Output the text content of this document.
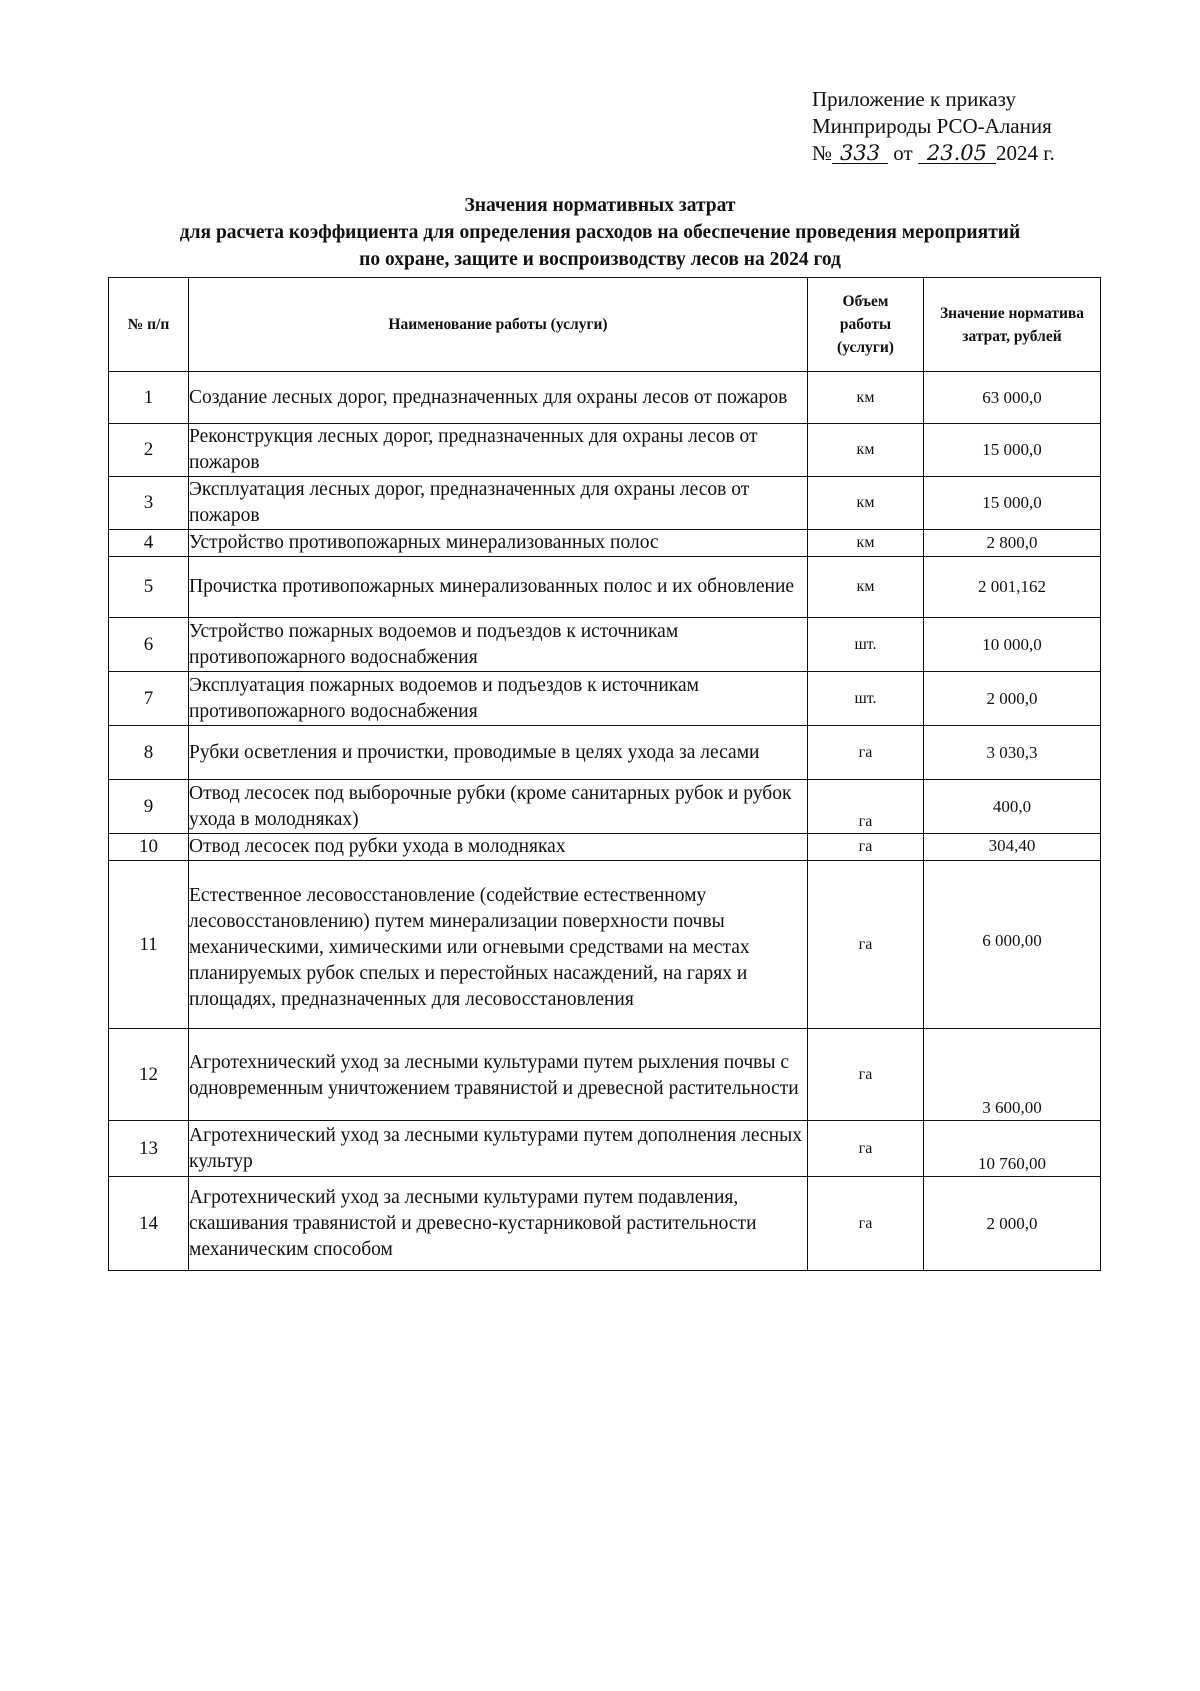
Приложение к приказу
Минприроды РСО-Алания
№ 333 от 23.05 2024 г.
Значения нормативных затрат
для расчета коэффициента для определения расходов на обеспечение проведения мероприятий
по охране, защите и воспроизводству лесов на 2024 год
№ п/п	Наименование работы (услуги)	Объем работы (услуги)	Значение норматива затрат, рублей
1	Создание лесных дорог, предназначенных для охраны лесов от пожаров	км	63 000,0
2	Реконструкция лесных дорог, предназначенных для охраны лесов от пожаров	км	15 000,0
3	Эксплуатация лесных дорог, предназначенных для охраны лесов от пожаров	км	15 000,0
4	Устройство противопожарных минерализованных полос	км	2 800,0
5	Прочистка противопожарных минерализованных полос и их обновление	км	2 001,162
6	Устройство пожарных водоемов и подъездов к источникам противопожарного водоснабжения	шт.	10 000,0
7	Эксплуатация пожарных водоемов и подъездов к источникам противопожарного водоснабжения	шт.	2 000,0
8	Рубки осветления и прочистки, проводимые в целях ухода за лесами	га	3 030,3
9	Отвод лесосек под выборочные рубки (кроме санитарных рубок и рубок ухода в молодняках)	га	400,0
10	Отвод лесосек под рубки ухода в молодняках	га	304,40
11	Естественное лесовосстановление (содействие естественному лесовосстановлению) путем минерализации поверхности почвы механическими, химическими или огневыми средствами на местах планируемых рубок спелых и перестойных насаждений, на гарях и площадях, предназначенных для лесовосстановления	га	6 000,00
12	Агротехнический уход за лесными культурами путем рыхления почвы с одновременным уничтожением травянистой и древесной растительности	га	3 600,00
13	Агротехнический уход за лесными культурами путем дополнения лесных культур	га	10 760,00
14	Агротехнический уход за лесными культурами путем подавления, скашивания травянистой и древесно-кустарниковой растительности механическим способом	га	2 000,0
